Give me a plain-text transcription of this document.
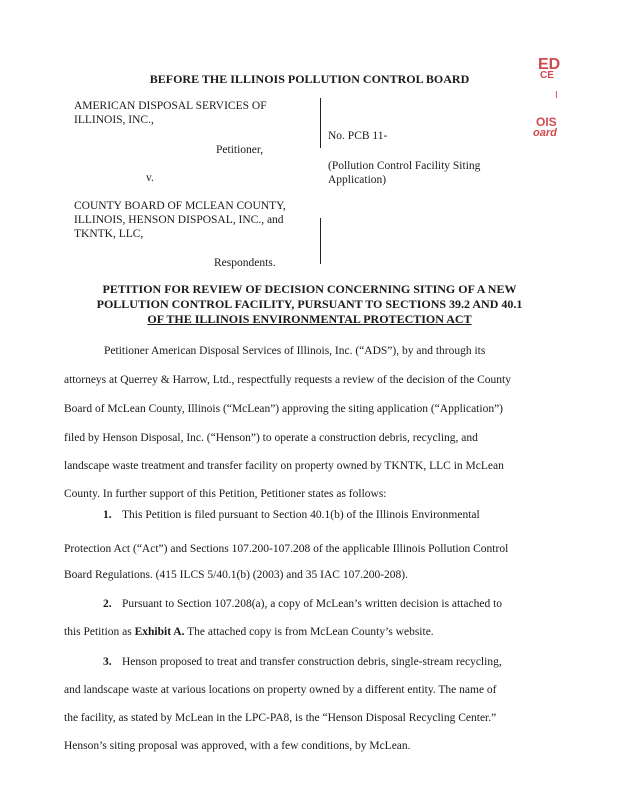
ED
CE
I
OIS
oard

BEFORE THE ILLINOIS POLLUTION CONTROL BOARD

AMERICAN DISPOSAL SERVICES OF
ILLINOIS, INC.,
Petitioner,
v.
COUNTY BOARD OF MCLEAN COUNTY,
ILLINOIS, HENSON DISPOSAL, INC., and
TKNTK, LLC,
Respondents.
No. PCB 11-
(Pollution Control Facility Siting
Application)

PETITION FOR REVIEW OF DECISION CONCERNING SITING OF A NEW

POLLUTION CONTROL FACILITY, PURSUANT TO SECTIONS 39.2 AND 40.1

OF THE ILLINOIS ENVIRONMENTAL PROTECTION ACT

Petitioner American Disposal Services of Illinois, Inc. (“ADS”), by and through its
attorneys at Querrey & Harrow, Ltd., respectfully requests a review of the decision of the County
Board of McLean County, Illinois (“McLean”) approving the siting application (“Application”)
filed by Henson Disposal, Inc. (“Henson”) to operate a construction debris, recycling, and
landscape waste treatment and transfer facility on property owned by TKNTK, LLC in McLean
County. In further support of this Petition, Petitioner states as follows:
1. This Petition is filed pursuant to Section 40.1(b) of the Illinois Environmental
Protection Act (“Act”) and Sections 107.200-107.208 of the applicable Illinois Pollution Control
Board Regulations. (415 ILCS 5/40.1(b) (2003) and 35 IAC 107.200-208).
2. Pursuant to Section 107.208(a), a copy of McLean’s written decision is attached to
this Petition as Exhibit A. The attached copy is from McLean County’s website.
3. Henson proposed to treat and transfer construction debris, single-stream recycling,
and landscape waste at various locations on property owned by a different entity. The name of
the facility, as stated by McLean in the LPC-PA8, is the “Henson Disposal Recycling Center.”
Henson’s siting proposal was approved, with a few conditions, by McLean.
